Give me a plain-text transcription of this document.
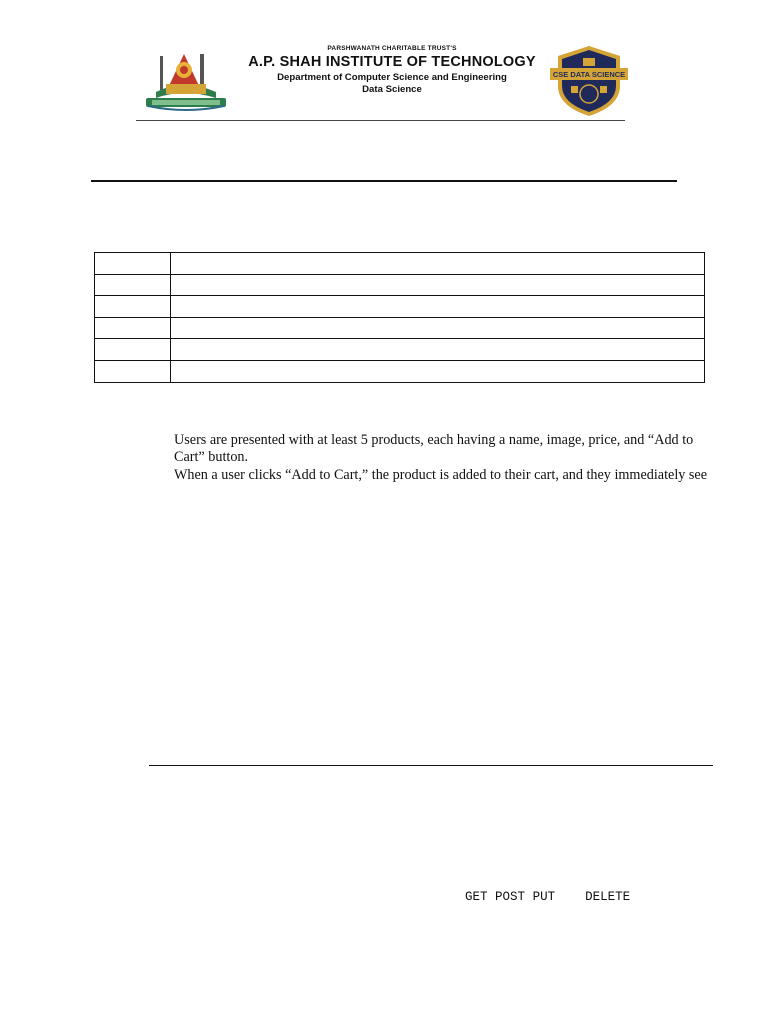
PARSHWANATH CHARITABLE TRUST'S
A.P. SHAH INSTITUTE OF TECHNOLOGY
Department of Computer Science and Engineering
Data Science
CSE DATA SCIENCE

Users are presented with at least 5 products, each having a name, image, price, and “Add to Cart” button.
When a user clicks “Add to Cart,” the product is added to their cart, and they immediately see
GET POST PUT DELETE
